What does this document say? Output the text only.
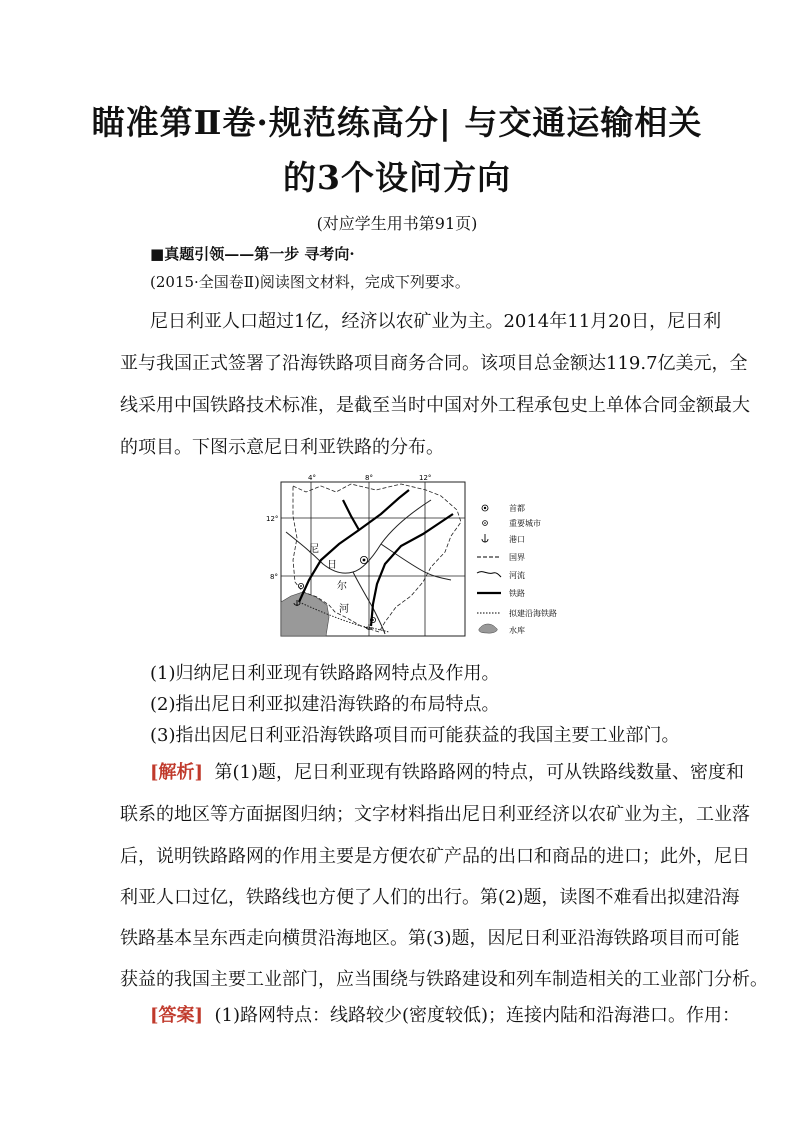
瞄准第Ⅱ卷·规范练高分| 与交通运输相关
的3个设问方向
(对应学生用书第91页)
■真题引领——第一步 寻考向·
(2015·全国卷Ⅱ)阅读图文材料，完成下列要求。
尼日利亚人口超过1亿，经济以农矿业为主。2014年11月20日，尼日利
亚与我国正式签署了沿海铁路项目商务合同。该项目总金额达119.7亿美元，全
线采用中国铁路技术标准，是截至当时中国对外工程承包史上单体合同金额最大
的项目。下图示意尼日利亚铁路的分布。
4°	8°	12°
12°
8°
尼
日
尔
河
首都
重要城市
港口
国界
河流
铁路
拟建沿海铁路
水库
(1)归纳尼日利亚现有铁路路网特点及作用。
(2)指出尼日利亚拟建沿海铁路的布局特点。
(3)指出因尼日利亚沿海铁路项目而可能获益的我国主要工业部门。
[解析] 第(1)题，尼日利亚现有铁路路网的特点，可从铁路线数量、密度和
联系的地区等方面据图归纳；文字材料指出尼日利亚经济以农矿业为主，工业落
后，说明铁路路网的作用主要是方便农矿产品的出口和商品的进口；此外，尼日
利亚人口过亿，铁路线也方便了人们的出行。第(2)题，读图不难看出拟建沿海
铁路基本呈东西走向横贯沿海地区。第(3)题，因尼日利亚沿海铁路项目而可能
获益的我国主要工业部门，应当围绕与铁路建设和列车制造相关的工业部门分析。
[答案] (1)路网特点：线路较少(密度较低)；连接内陆和沿海港口。作用：
